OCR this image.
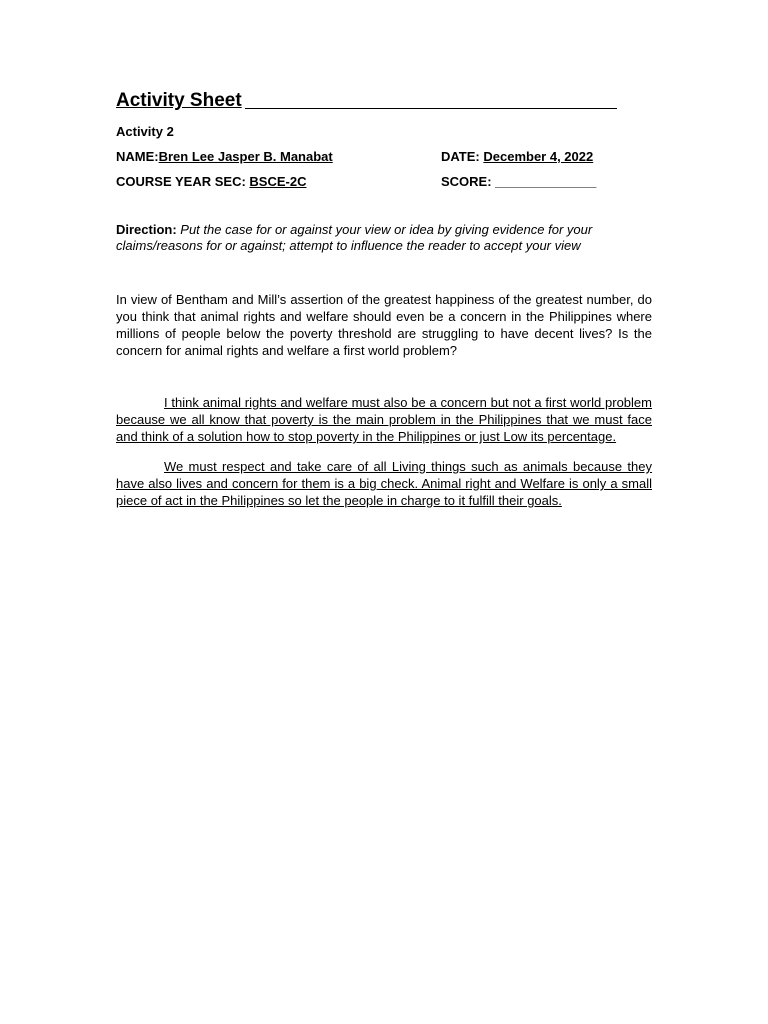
Activity Sheet
Activity 2
NAME:Bren Lee Jasper B. Manabat	DATE: December 4, 2022
COURSE YEAR SEC: BSCE-2C	SCORE: ______________
Direction: Put the case for or against your view or idea by giving evidence for your claims/reasons for or against; attempt to influence the reader to accept your view

In view of Bentham and Mill’s assertion of the greatest happiness of the greatest number, do you think that animal rights and welfare should even be a concern in the Philippines where millions of people below the poverty threshold are struggling to have decent lives? Is the concern for animal rights and welfare a first world problem?

I think animal rights and welfare must also be a concern but not a first world problem because we all know that poverty is the main problem in the Philippines that we must face and think of a solution how to stop poverty in the Philippines or just Low its percentage.

We must respect and take care of all Living things such as animals because they have also lives and concern for them is a big check. Animal right and Welfare is only a small piece of act in the Philippines so let the people in charge to it fulfill their goals.
